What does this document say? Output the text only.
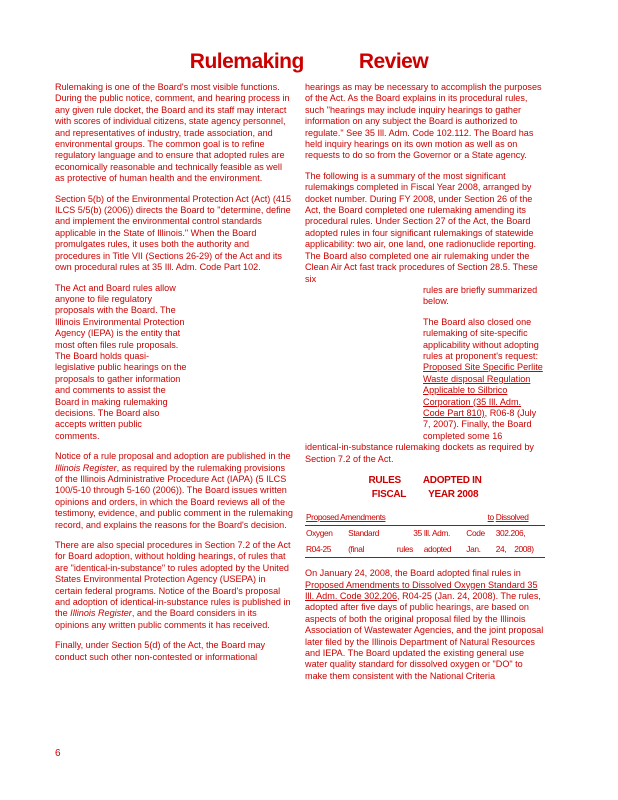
Rulemaking	Review

Rulemaking is one of the Board's most visible functions. During the public notice, comment, and hearing process in any given rule docket, the Board and its staff may interact with scores of individual citizens, state agency personnel, and representatives of industry, trade association, and environmental groups. The common goal is to refine regulatory language and to ensure that adopted rules are economically reasonable and technically feasible as well as protective of human health and the environment.

Section 5(b) of the Environmental Protection Act (Act) (415 ILCS 5/5(b) (2006)) directs the Board to "determine, define and implement the environmental control standards applicable in the State of Illinois." When the Board promulgates rules, it uses both the authority and procedures in Title VII (Sections 26-29) of the Act and its own procedural rules at 35 Ill. Adm. Code Part 102.

The Act and Board rules allow anyone to file regulatory proposals with the Board. The Illinois Environmental Protection Agency (IEPA) is the entity that most often files rule proposals. The Board holds quasi-legislative public hearings on the proposals to gather information and comments to assist the Board in making rulemaking decisions. The Board also accepts written public comments.

Notice of a rule proposal and adoption are published in the Illinois Register, as required by the rulemaking provisions of the Illinois Administrative Procedure Act (IAPA) (5 ILCS 100/5-10 through 5-160 (2006)). The Board issues written opinions and orders, in which the Board reviews all of the testimony, evidence, and public comment in the rulemaking record, and explains the reasons for the Board's decision.

There are also special procedures in Section 7.2 of the Act for Board adoption, without holding hearings, of rules that are "identical-in-substance" to rules adopted by the United States Environmental Protection Agency (USEPA) in certain federal programs. Notice of the Board's proposal and adoption of identical-in-substance rules is published in the Illinois Register, and the Board considers in its opinions any written public comments it has received.

Finally, under Section 5(d) of the Act, the Board may conduct such other non-contested or informational

hearings as may be necessary to accomplish the purposes of the Act. As the Board explains in its procedural rules, such "hearings may include inquiry hearings to gather information on any subject the Board is authorized to regulate." See 35 Ill. Adm. Code 102.112. The Board has held inquiry hearings on its own motion as well as on requests to do so from the Governor or a State agency.

The following is a summary of the most significant rulemakings completed in Fiscal Year 2008, arranged by docket number. During FY 2008, under Section 26 of the Act, the Board completed one rulemaking amending its procedural rules. Under Section 27 of the Act, the Board adopted rules in four significant rulemakings of statewide applicability: two air, one land, one radionuclide reporting. The Board also completed one air rulemaking under the Clean Air Act fast track procedures of Section 28.5. These six

rules are briefly summarized below.

The Board also closed one rulemaking of site-specific applicability without adopting rules at proponent's request: Proposed Site Specific Perlite Waste disposal Regulation Applicable to Silbrico Corporation (35 Ill. Adm. Code Part 810), R06-8 (July 7, 2007). Finally, the Board completed some 16
identical-in-substance rulemaking dockets as required by Section 7.2 of the Act.

RULES ADOPTED IN
FISCAL YEAR 2008
Proposed Amendments			to		Dissolved	
Oxygen	Standard	35	Ill. Adm.	Code	302.206,	
R04-25	(final	rules	adopted	Jan.	24,	2008)

On January 24, 2008, the Board adopted final rules in Proposed Amendments to Dissolved Oxygen Standard 35 Ill. Adm. Code 302.206, R04-25 (Jan. 24, 2008). The rules, adopted after five days of public hearings, are based on aspects of both the original proposal filed by the Illinois Association of Wastewater Agencies, and the joint proposal later filed by the Illinois Department of Natural Resources and IEPA. The Board updated the existing general use water quality standard for dissolved oxygen or "DO" to make them consistent with the National Criteria

6
